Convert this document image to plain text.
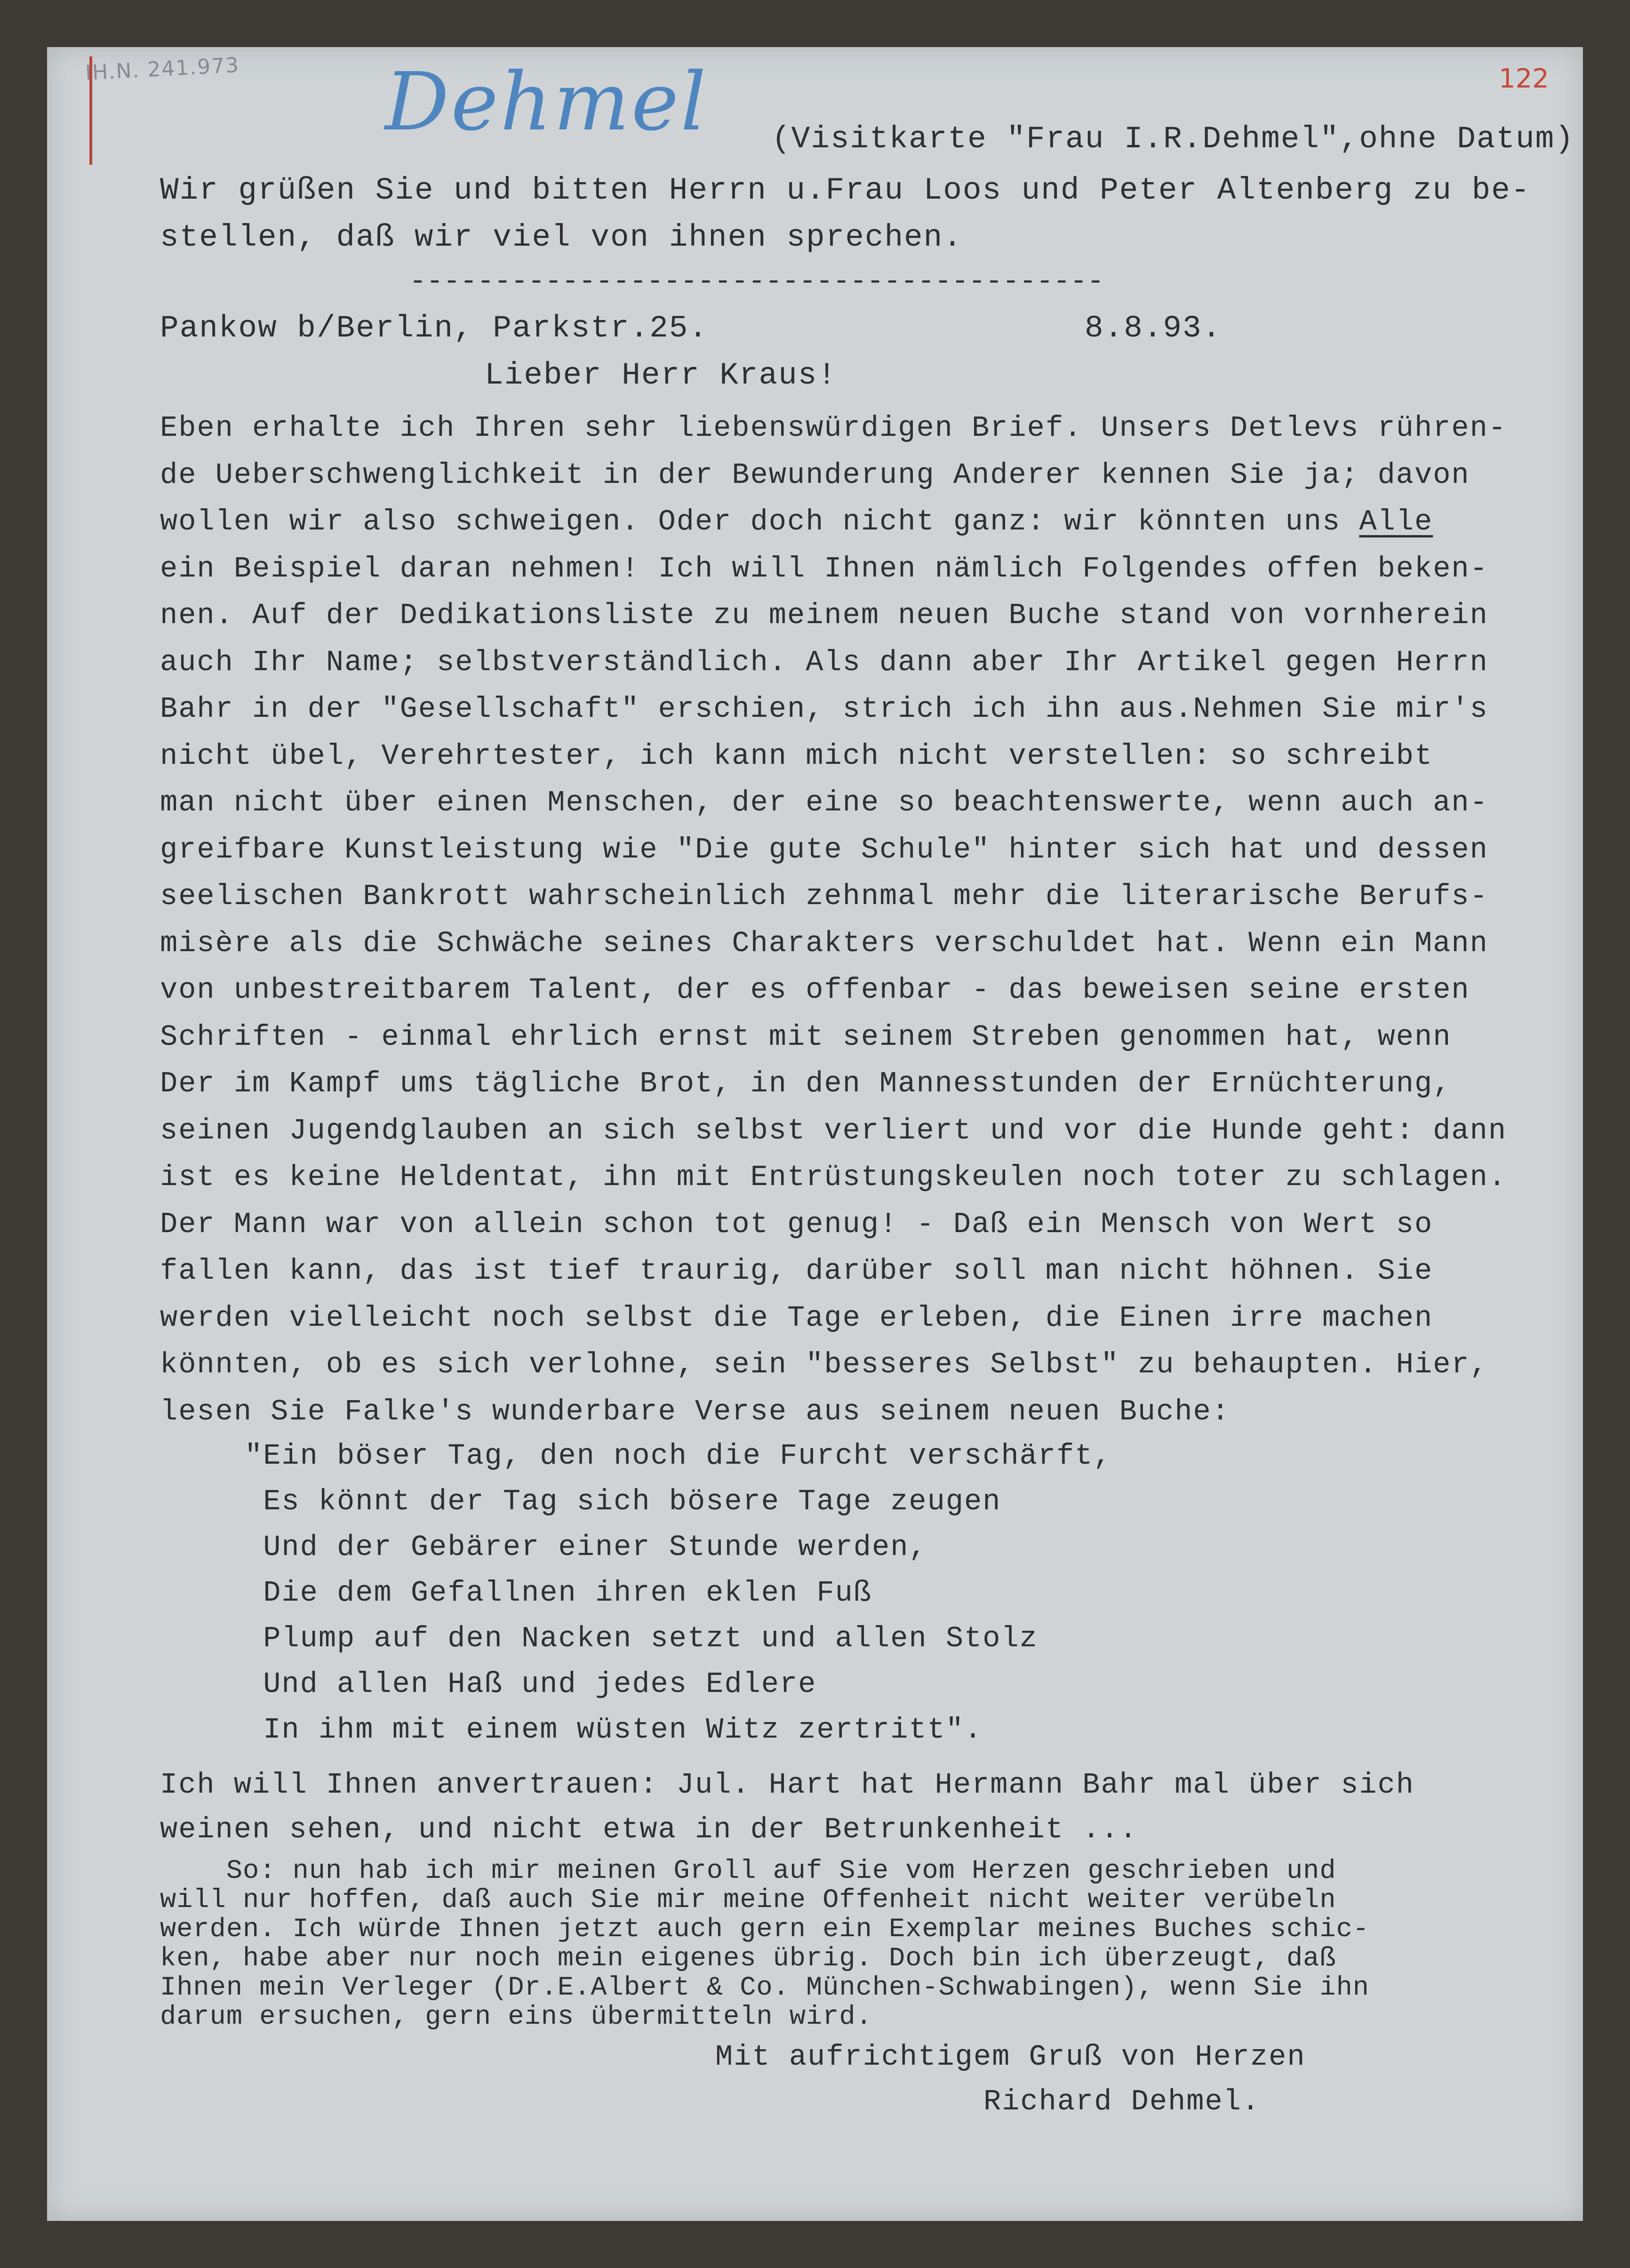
IH.N. 241.973	122
Dehmel (Visitkarte "Frau I.R.Dehmel",ohne Datum)
Wir grüßen Sie und bitten Herrn u.Frau Loos und Peter Altenberg zu be-
stellen, daß wir viel von ihnen sprechen.
-----------------------------------------
Pankow b/Berlin, Parkstr.25.	8.8.93.
Lieber Herr Kraus!
Eben erhalte ich Ihren sehr liebenswürdigen Brief. Unsers Detlevs rühren-
de Ueberschwenglichkeit in der Bewunderung Anderer kennen Sie ja; davon
wollen wir also schweigen. Oder doch nicht ganz: wir könnten uns Alle
ein Beispiel daran nehmen! Ich will Ihnen nämlich Folgendes offen beken-
nen. Auf der Dedikationsliste zu meinem neuen Buche stand von vornherein
auch Ihr Name; selbstverständlich. Als dann aber Ihr Artikel gegen Herrn
Bahr in der "Gesellschaft" erschien, strich ich ihn aus.Nehmen Sie mir's
nicht übel, Verehrtester, ich kann mich nicht verstellen: so schreibt
man nicht über einen Menschen, der eine so beachtenswerte, wenn auch an-
greifbare Kunstleistung wie "Die gute Schule" hinter sich hat und dessen
seelischen Bankrott wahrscheinlich zehnmal mehr die literarische Berufs-
misère als die Schwäche seines Charakters verschuldet hat. Wenn ein Mann
von unbestreitbarem Talent, der es offenbar - das beweisen seine ersten
Schriften - einmal ehrlich ernst mit seinem Streben genommen hat, wenn
Der im Kampf ums tägliche Brot, in den Mannesstunden der Ernüchterung,
seinen Jugendglauben an sich selbst verliert und vor die Hunde geht: dann
ist es keine Heldentat, ihn mit Entrüstungskeulen noch toter zu schlagen.
Der Mann war von allein schon tot genug! - Daß ein Mensch von Wert so
fallen kann, das ist tief traurig, darüber soll man nicht höhnen. Sie
werden vielleicht noch selbst die Tage erleben, die Einen irre machen
könnten, ob es sich verlohne, sein "besseres Selbst" zu behaupten. Hier,
lesen Sie Falke's wunderbare Verse aus seinem neuen Buche:
"Ein böser Tag, den noch die Furcht verschärft,
Es könnt der Tag sich bösere Tage zeugen
Und der Gebärer einer Stunde werden,
Die dem Gefallnen ihren eklen Fuß
Plump auf den Nacken setzt und allen Stolz
Und allen Haß und jedes Edlere
In ihm mit einem wüsten Witz zertritt".
Ich will Ihnen anvertrauen: Jul. Hart hat Hermann Bahr mal über sich
weinen sehen, und nicht etwa in der Betrunkenheit ...
So: nun hab ich mir meinen Groll auf Sie vom Herzen geschrieben und
will nur hoffen, daß auch Sie mir meine Offenheit nicht weiter verübeln
werden. Ich würde Ihnen jetzt auch gern ein Exemplar meines Buches schic-
ken, habe aber nur noch mein eigenes übrig. Doch bin ich überzeugt, daß
Ihnen mein Verleger (Dr.E.Albert & Co. München-Schwabingen), wenn Sie ihn
darum ersuchen, gern eins übermitteln wird.
Mit aufrichtigem Gruß von Herzen
Richard Dehmel.
